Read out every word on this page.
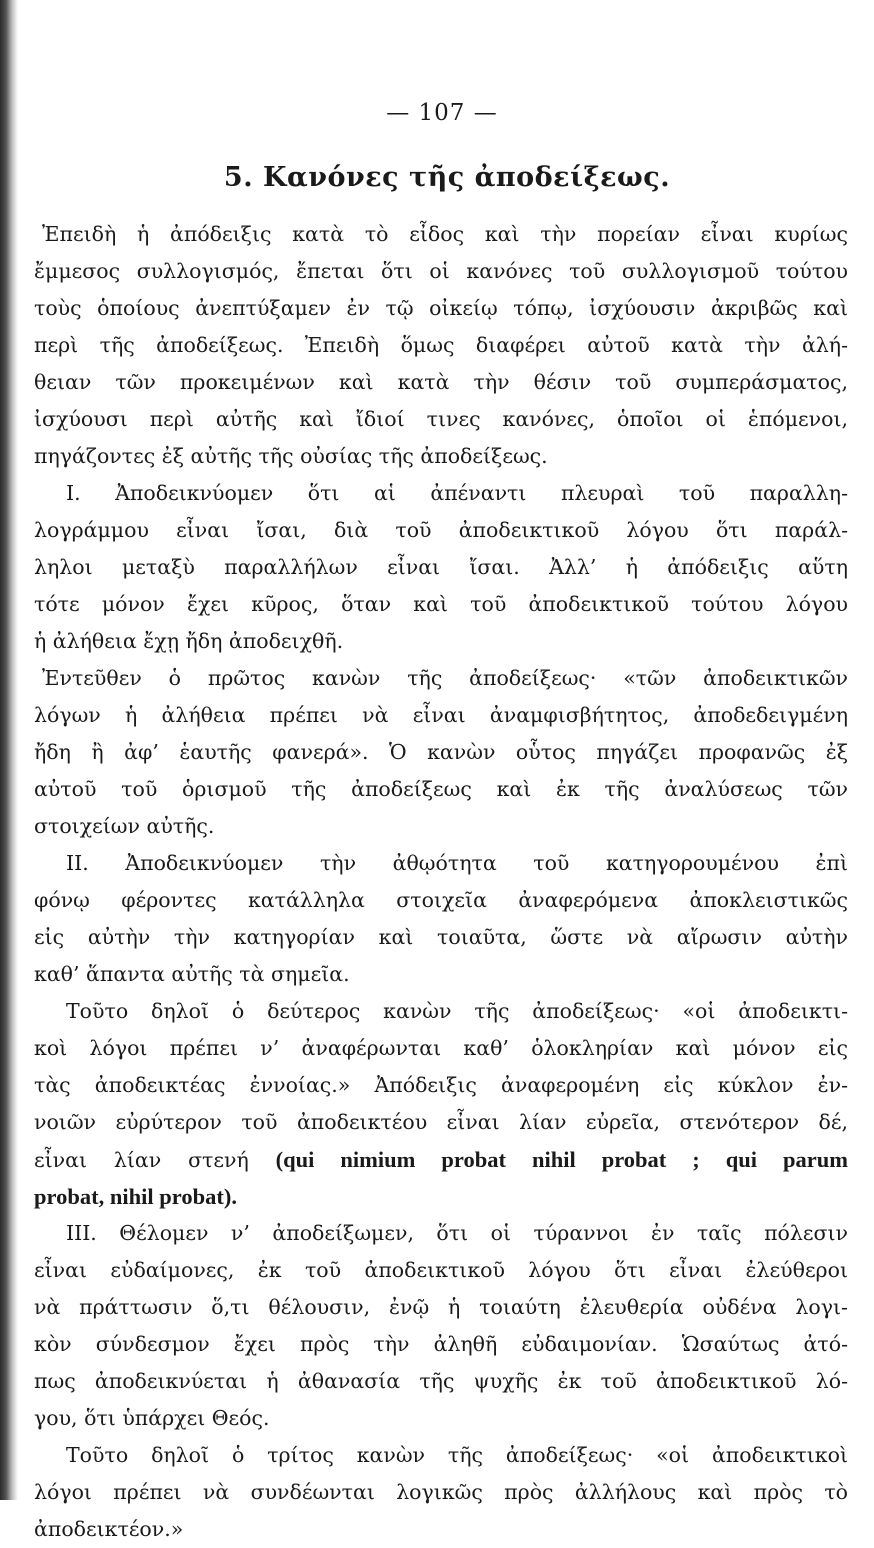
— 107 —
5. Κανόνες τῆς ἀποδείξεως.
Ἐπειδὴ ἡ ἀπόδειξις κατὰ τὸ εἶδος καὶ τὴν πορείαν εἶναι κυρίως
ἔμμεσος συλλογισμός, ἔπεται ὅτι οἱ κανόνες τοῦ συλλογισμοῦ τούτου
τοὺς ὁποίους ἀνεπτύξαμεν ἐν τῷ οἰκείῳ τόπῳ, ἰσχύουσιν ἀκριβῶς καὶ
περὶ τῆς ἀποδείξεως. Ἐπειδὴ ὅμως διαφέρει αὐτοῦ κατὰ τὴν ἀλή-
θειαν τῶν προκειμένων καὶ κατὰ τὴν θέσιν τοῦ συμπεράσματος,
ἰσχύουσι περὶ αὐτῆς καὶ ἴδιοί τινες κανόνες, ὁποῖοι οἱ ἑπόμενοι,
πηγάζοντες ἐξ αὐτῆς τῆς οὐσίας τῆς ἀποδείξεως.
I. Ἀποδεικνύομεν ὅτι αἱ ἀπέναντι πλευραὶ τοῦ παραλλη-
λογράμμου εἶναι ἴσαι, διὰ τοῦ ἀποδεικτικοῦ λόγου ὅτι παράλ-
ληλοι μεταξὺ παραλλήλων εἶναι ἴσαι. Ἀλλ’ ἡ ἀπόδειξις αὕτη
τότε μόνον ἔχει κῦρος, ὅταν καὶ τοῦ ἀποδεικτικοῦ τούτου λόγου
ἡ ἀλήθεια ἔχῃ ἤδη ἀποδειχθῆ.
Ἐντεῦθεν ὁ πρῶτος κανὼν τῆς ἀποδείξεως· «τῶν ἀποδεικτικῶν
λόγων ἡ ἀλήθεια πρέπει νὰ εἶναι ἀναμφισβήτητος, ἀποδεδειγμένη
ἤδη ἢ ἀφ’ ἑαυτῆς φανερά». Ὁ κανὼν οὗτος πηγάζει προφανῶς ἐξ
αὐτοῦ τοῦ ὁρισμοῦ τῆς ἀποδείξεως καὶ ἐκ τῆς ἀναλύσεως τῶν
στοιχείων αὐτῆς.
II. Ἀποδεικνύομεν τὴν ἀθῳότητα τοῦ κατηγορουμένου ἐπὶ
φόνῳ φέροντες κατάλληλα στοιχεῖα ἀναφερόμενα ἀποκλειστικῶς
εἰς αὐτὴν τὴν κατηγορίαν καὶ τοιαῦτα, ὥστε νὰ αἴρωσιν αὐτὴν
καθ’ ἅπαντα αὐτῆς τὰ σημεῖα.
Τοῦτο δηλοῖ ὁ δεύτερος κανὼν τῆς ἀποδείξεως· «οἱ ἀποδεικτι-
κοὶ λόγοι πρέπει ν’ ἀναφέρωνται καθ’ ὁλοκληρίαν καὶ μόνον εἰς
τὰς ἀποδεικτέας ἐννοίας.» Ἀπόδειξις ἀναφερομένη εἰς κύκλον ἐν-
νοιῶν εὐρύτερον τοῦ ἀποδεικτέου εἶναι λίαν εὐρεῖα, στενότερον δέ,
εἶναι λίαν στενή (qui nimium probat nihil probat ; qui parum
probat, nihil probat).
III. Θέλομεν ν’ ἀποδείξωμεν, ὅτι οἱ τύραννοι ἐν ταῖς πόλεσιν
εἶναι εὐδαίμονες, ἐκ τοῦ ἀποδεικτικοῦ λόγου ὅτι εἶναι ἐλεύθεροι
νὰ πράττωσιν ὅ,τι θέλουσιν, ἐνῷ ἡ τοιαύτη ἐλευθερία οὐδένα λογι-
κὸν σύνδεσμον ἔχει πρὸς τὴν ἀληθῆ εὐδαιμονίαν. Ὡσαύτως ἀτό-
πως ἀποδεικνύεται ἡ ἀθανασία τῆς ψυχῆς ἐκ τοῦ ἀποδεικτικοῦ λό-
γου, ὅτι ὑπάρχει Θεός.
Τοῦτο δηλοῖ ὁ τρίτος κανὼν τῆς ἀποδείξεως· «οἱ ἀποδεικτικοὶ
λόγοι πρέπει νὰ συνδέωνται λογικῶς πρὸς ἀλλήλους καὶ πρὸς τὸ
ἀποδεικτέον.»
